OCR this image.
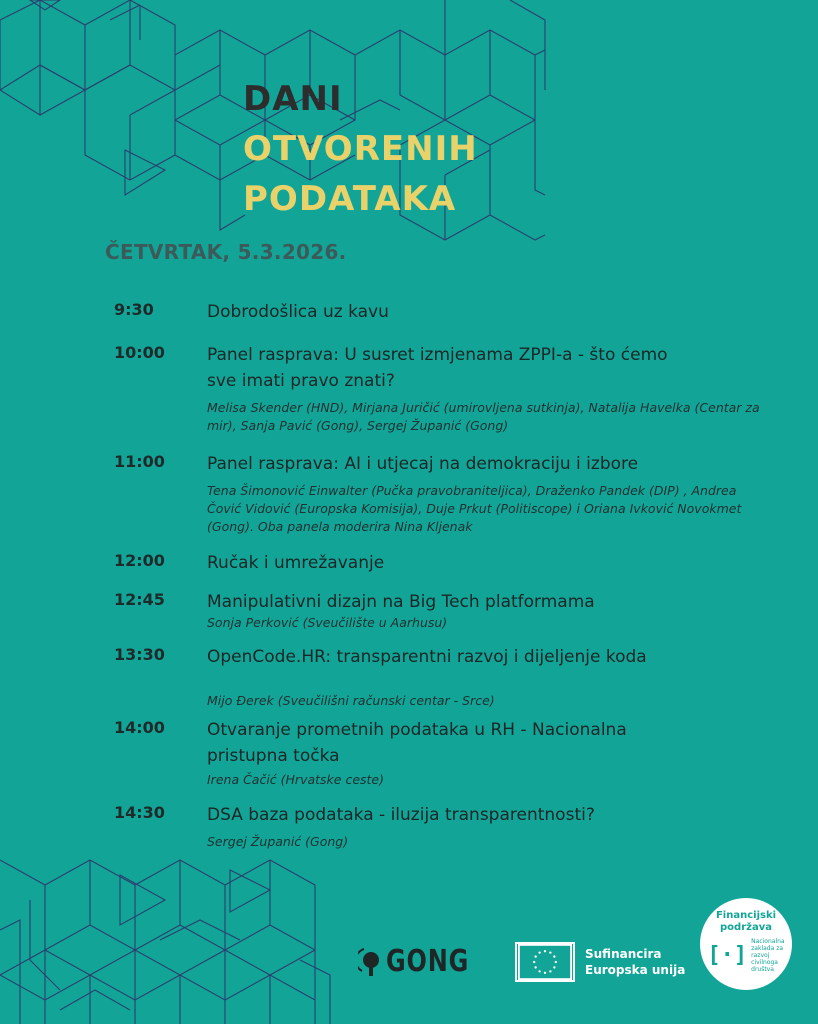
DANI
OTVORENIH
PODATAKA
ČETVRTAK, 5.3.2026.
9:30	Dobrodošlica uz kavu
10:00 Panel rasprava: U susret izmjenama ZPPI-a - što ćemo sve imati pravo znati?
Melisa Skender (HND), Mirjana Juričić (umirovljena sutkinja), Natalija Havelka (Centar za mir), Sanja Pavić (Gong), Sergej Županić (Gong)
11:00 Panel rasprava: AI i utjecaj na demokraciju i izbore
Tena Šimonović Einwalter (Pučka pravobraniteljica), Draženko Pandek (DIP) , Andrea Čović Vidović (Europska Komisija), Duje Prkut (Politiscope) i Oriana Ivković Novokmet (Gong). Oba panela moderira Nina Kljenak
12:00 Ručak i umrežavanje
12:45 Manipulativni dizajn na Big Tech platformama
Sonja Perković (Sveučilište u Aarhusu)
13:30 OpenCode.HR: transparentni razvoj i dijeljenje koda
Mijo Đerek (Sveučilišni računski centar - Srce)
14:00 Otvaranje prometnih podataka u RH - Nacionalna pristupna točka
Irena Čačić (Hrvatske ceste)
14:30 DSA baza podataka - iluzija transparentnosti?
Sergej Županić (Gong)
GONG	Sufinancira
Europska unija
Financijski podržava
[·]
Nacionalna
zaklada za
razvoj
civilnoga
društva
